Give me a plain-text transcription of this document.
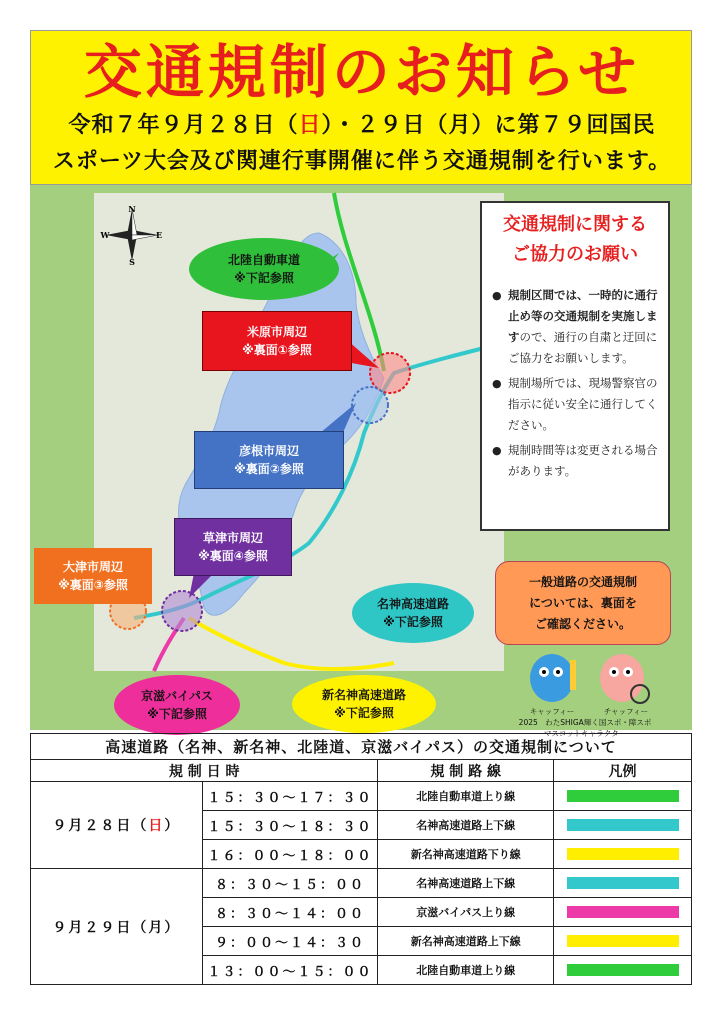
交通規制のお知らせ
令和７年９月２８日（日）・２９日（月）に第７９回国民
スポーツ大会及び関連行事開催に伴う交通規制を行います。
N
S
W	E
北陸自動車道
※下記参照
米原市周辺
※裏面①参照
彦根市周辺
※裏面②参照
草津市周辺
※裏面④参照
名神高速道路
※下記参照
大津市周辺
※裏面③参照
京滋バイパス
※下記参照
新名神高速道路
※下記参照
交通規制に関する
ご協力のお願い
● 規制区間では、一時的に通行止め等の交通規制を実施しますので、通行の自粛と迂回にご協力をお願いします。
● 規制場所では、現場警察官の指示に従い安全に通行してください。
● 規制時間等は変更される場合があります。
一般道路の交通規制
については、裏面を
ご確認ください。
キャッフィー	チャッフィー
2025　わたSHIGA輝く国スポ・障スポ
マスコットキャラクター
高速道路（名神、新名神、北陸道、京滋バイパス）の交通規制について			
規 制 日 時		規 制 路 線	凡例
９月２８日（日）	１５：３０～１７：３０	北陸自動車道上り線	
	１５：３０～１８：３０	名神高速道路上下線	
	１６：００～１８：００	新名神高速道路下り線	
９月２９日（月）	８：３０～１５：００	名神高速道路上下線	
	８：３０～１４：００	京滋バイパス上り線	
	９：００～１４：３０	新名神高速道路上下線	
	１３：００～１５：００	北陸自動車道上り線	
